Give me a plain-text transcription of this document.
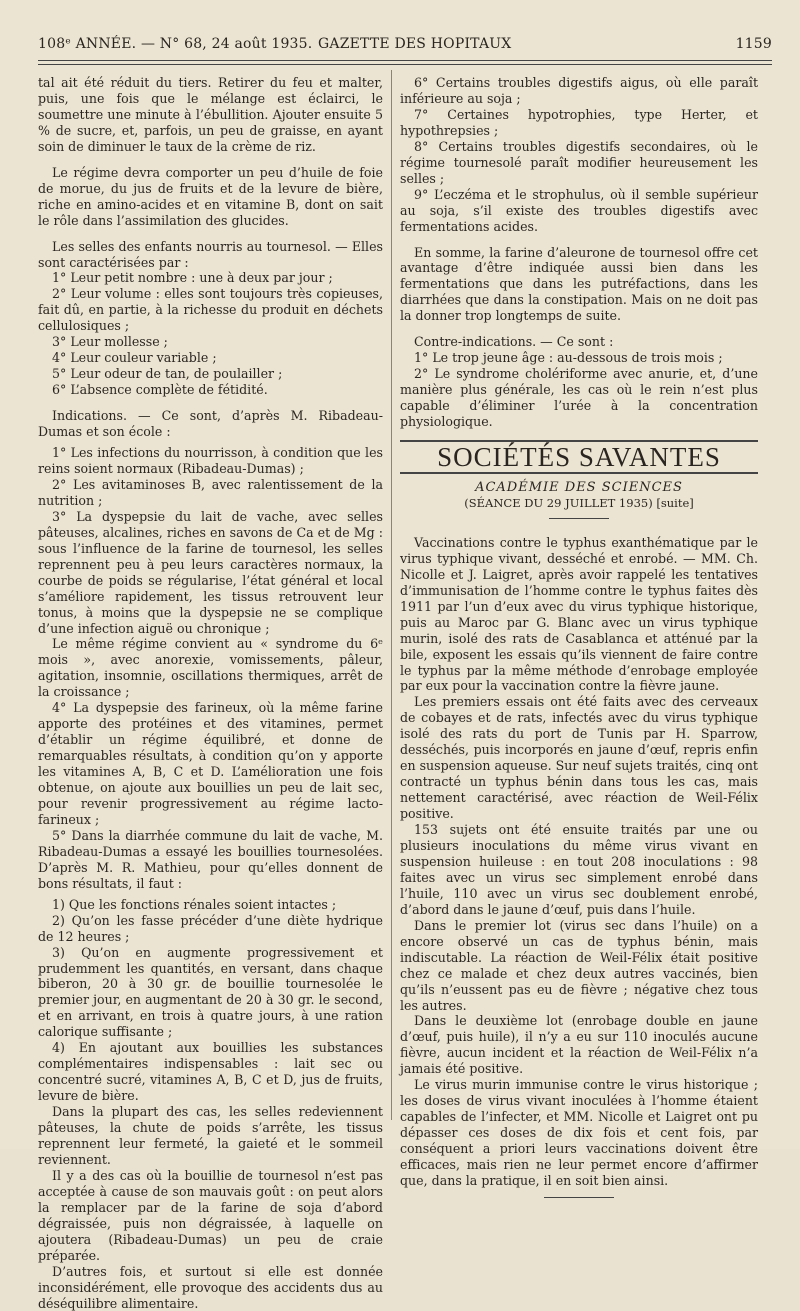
108ᵉ ANNÉE. — N° 68, 24 août 1935. GAZETTE DES HOPITAUX	1159

tal ait été réduit du tiers. Retirer du feu et malter, puis, une fois que le mélange est éclairci, le soumettre une minute à l’ébullition. Ajouter ensuite 5 % de sucre, et, parfois, un peu de graisse, en ayant soin de diminuer le taux de la crème de riz.

Le régime devra comporter un peu d’huile de foie de morue, du jus de fruits et de la levure de bière, riche en amino-acides et en vitamine B, dont on sait le rôle dans l’assimilation des glucides.

Les selles des enfants nourris au tournesol. — Elles sont caractérisées par :

1° Leur petit nombre : une à deux par jour ;

2° Leur volume : elles sont toujours très copieuses, fait dû, en partie, à la richesse du produit en déchets cellulosiques ;

3° Leur mollesse ;

4° Leur couleur variable ;

5° Leur odeur de tan, de poulailler ;

6° L’absence complète de fétidité.

Indications. — Ce sont, d’après M. Ribadeau-Dumas et son école :

1° Les infections du nourrisson, à condition que les reins soient normaux (Ribadeau-Dumas) ;

2° Les avitaminoses B, avec ralentissement de la nutrition ;

3° La dyspepsie du lait de vache, avec selles pâteuses, alcalines, riches en savons de Ca et de Mg : sous l’influence de la farine de tournesol, les selles reprennent peu à peu leurs caractères normaux, la courbe de poids se régularise, l’état général et local s’améliore rapidement, les tissus retrouvent leur tonus, à moins que la dyspepsie ne se complique d’une infection aiguë ou chronique ;

Le même régime convient au « syndrome du 6ᵉ mois », avec anorexie, vomissements, pâleur, agitation, insomnie, oscillations thermiques, arrêt de la croissance ;

4° La dyspepsie des farineux, où la même farine apporte des protéines et des vitamines, permet d’établir un régime équilibré, et donne de remarquables résultats, à condition qu’on y apporte les vitamines A, B, C et D. L’amélioration une fois obtenue, on ajoute aux bouillies un peu de lait sec, pour revenir progressivement au régime lacto-farineux ;

5° Dans la diarrhée commune du lait de vache, M. Ribadeau-Dumas a essayé les bouillies tournesolées. D’après M. R. Mathieu, pour qu’elles donnent de bons résultats, il faut :

1) Que les fonctions rénales soient intactes ;

2) Qu’on les fasse précéder d’une diète hydrique de 12 heures ;

3) Qu’on en augmente progressivement et prudemment les quantités, en versant, dans chaque biberon, 20 à 30 gr. de bouillie tournesolée le premier jour, en augmentant de 20 à 30 gr. le second, et en arrivant, en trois à quatre jours, à une ration calorique suffisante ;

4) En ajoutant aux bouillies les substances complémentaires indispensables : lait sec ou concentré sucré, vitamines A, B, C et D, jus de fruits, levure de bière.

Dans la plupart des cas, les selles redeviennent pâteuses, la chute de poids s’arrête, les tissus reprennent leur fermeté, la gaieté et le sommeil reviennent.

Il y a des cas où la bouillie de tournesol n’est pas acceptée à cause de son mauvais goût : on peut alors la remplacer par de la farine de soja d’abord dégraissée, puis non dégraissée, à laquelle on ajoutera (Ribadeau-Dumas) un peu de craie préparée.

D’autres fois, et surtout si elle est donnée inconsidérément, elle provoque des accidents dus au déséquilibre alimentaire.

6° Certains troubles digestifs aigus, où elle paraît inférieure au soja ;

7° Certaines hypotrophies, type Herter, et hypothrepsies ;

8° Certains troubles digestifs secondaires, où le régime tournesolé paraît modifier heureusement les selles ;

9° L’eczéma et le strophulus, où il semble supérieur au soja, s’il existe des troubles digestifs avec fermentations acides.

En somme, la farine d’aleurone de tournesol offre cet avantage d’être indiquée aussi bien dans les fermentations que dans les putréfactions, dans les diarrhées que dans la constipation. Mais on ne doit pas la donner trop longtemps de suite.

Contre-indications. — Ce sont :

1° Le trop jeune âge : au-dessous de trois mois ;

2° Le syndrome cholériforme avec anurie, et, d’une manière plus générale, les cas où le rein n’est plus capable d’éliminer l’urée à la concentration physiologique.

SOCIÉTÉS SAVANTES

ACADÉMIE DES SCIENCES

(SÉANCE DU 29 JUILLET 1935) [suite]

Vaccinations contre le typhus exanthématique par le virus typhique vivant, desséché et enrobé. — MM. Ch. Nicolle et J. Laigret, après avoir rappelé les tentatives d’immunisation de l’homme contre le typhus faites dès 1911 par l’un d’eux avec du virus typhique historique, puis au Maroc par G. Blanc avec un virus typhique murin, isolé des rats de Casablanca et atténué par la bile, exposent les essais qu’ils viennent de faire contre le typhus par la même méthode d’enrobage employée par eux pour la vaccination contre la fièvre jaune.

Les premiers essais ont été faits avec des cerveaux de cobayes et de rats, infectés avec du virus typhique isolé des rats du port de Tunis par H. Sparrow, desséchés, puis incorporés en jaune d’œuf, repris enfin en suspension aqueuse. Sur neuf sujets traités, cinq ont contracté un typhus bénin dans tous les cas, mais nettement caractérisé, avec réaction de Weil-Félix positive.

153 sujets ont été ensuite traités par une ou plusieurs inoculations du même virus vivant en suspension huileuse : en tout 208 inoculations : 98 faites avec un virus sec simplement enrobé dans l’huile, 110 avec un virus sec doublement enrobé, d’abord dans le jaune d’œuf, puis dans l’huile.

Dans le premier lot (virus sec dans l’huile) on a encore observé un cas de typhus bénin, mais indiscutable. La réaction de Weil-Félix était positive chez ce malade et chez deux autres vaccinés, bien qu’ils n’eussent pas eu de fièvre ; négative chez tous les autres.

Dans le deuxième lot (enrobage double en jaune d’œuf, puis huile), il n’y a eu sur 110 inoculés aucune fièvre, aucun incident et la réaction de Weil-Félix n’a jamais été positive.

Le virus murin immunise contre le virus historique ; les doses de virus vivant inoculées à l’homme étaient capables de l’infecter, et MM. Nicolle et Laigret ont pu dépasser ces doses de dix fois et cent fois, par conséquent a priori leurs vaccinations doivent être efficaces, mais rien ne leur permet encore d’affirmer que, dans la pratique, il en soit bien ainsi.
